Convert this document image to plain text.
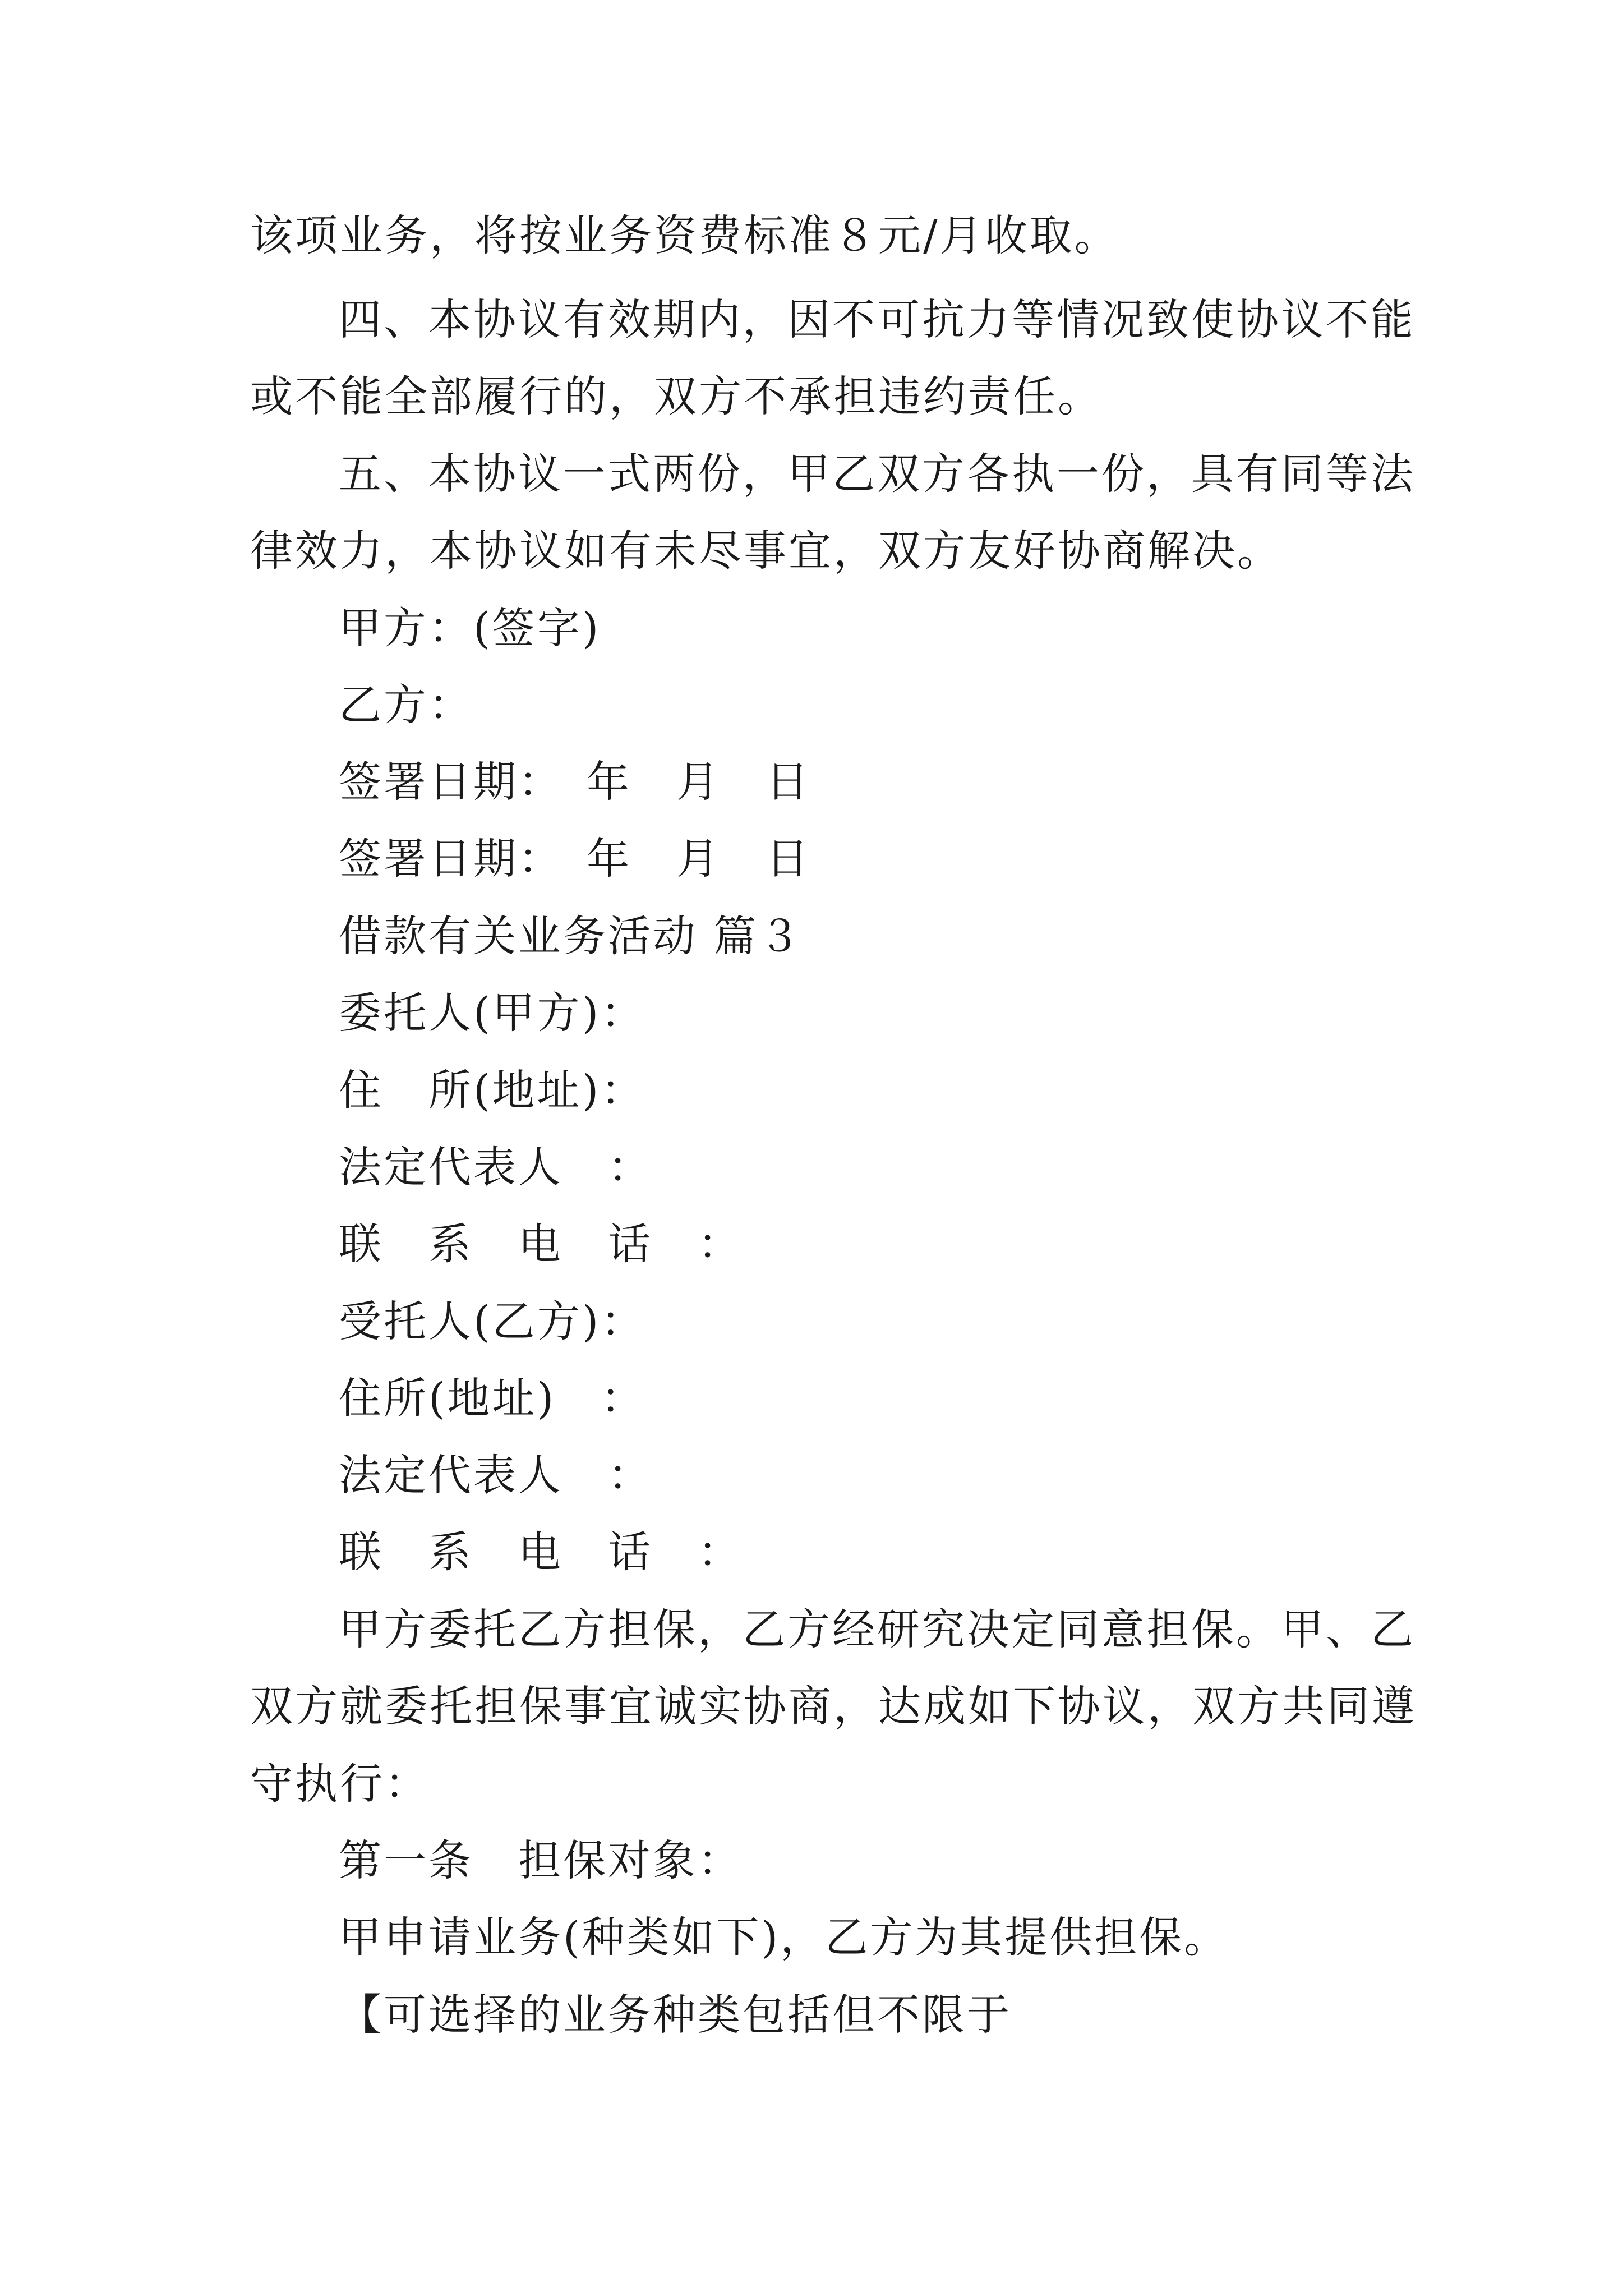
该项业务，将按业务资费标准８元/月收取。

四、本协议有效期内，因不可抗力等情况致使协议不能

或不能全部履行的，双方不承担违约责任。

五、本协议一式两份，甲乙双方各执一份，具有同等法

律效力，本协议如有未尽事宜，双方友好协商解决。

甲方：(签字)

乙方：

签署日期：　年　月　日

签署日期：　年　月　日

借款有关业务活动 篇３

委托人(甲方)：

住　所(地址)：

法定代表人　：

联　系　电　话　：

受托人(乙方)：

住所(地址)　：

法定代表人　：

联　系　电　话　：

甲方委托乙方担保，乙方经研究决定同意担保。甲、乙

双方就委托担保事宜诚实协商，达成如下协议，双方共同遵

守执行：

第一条　担保对象：

甲申请业务(种类如下)，乙方为其提供担保。

【可选择的业务种类包括但不限于
